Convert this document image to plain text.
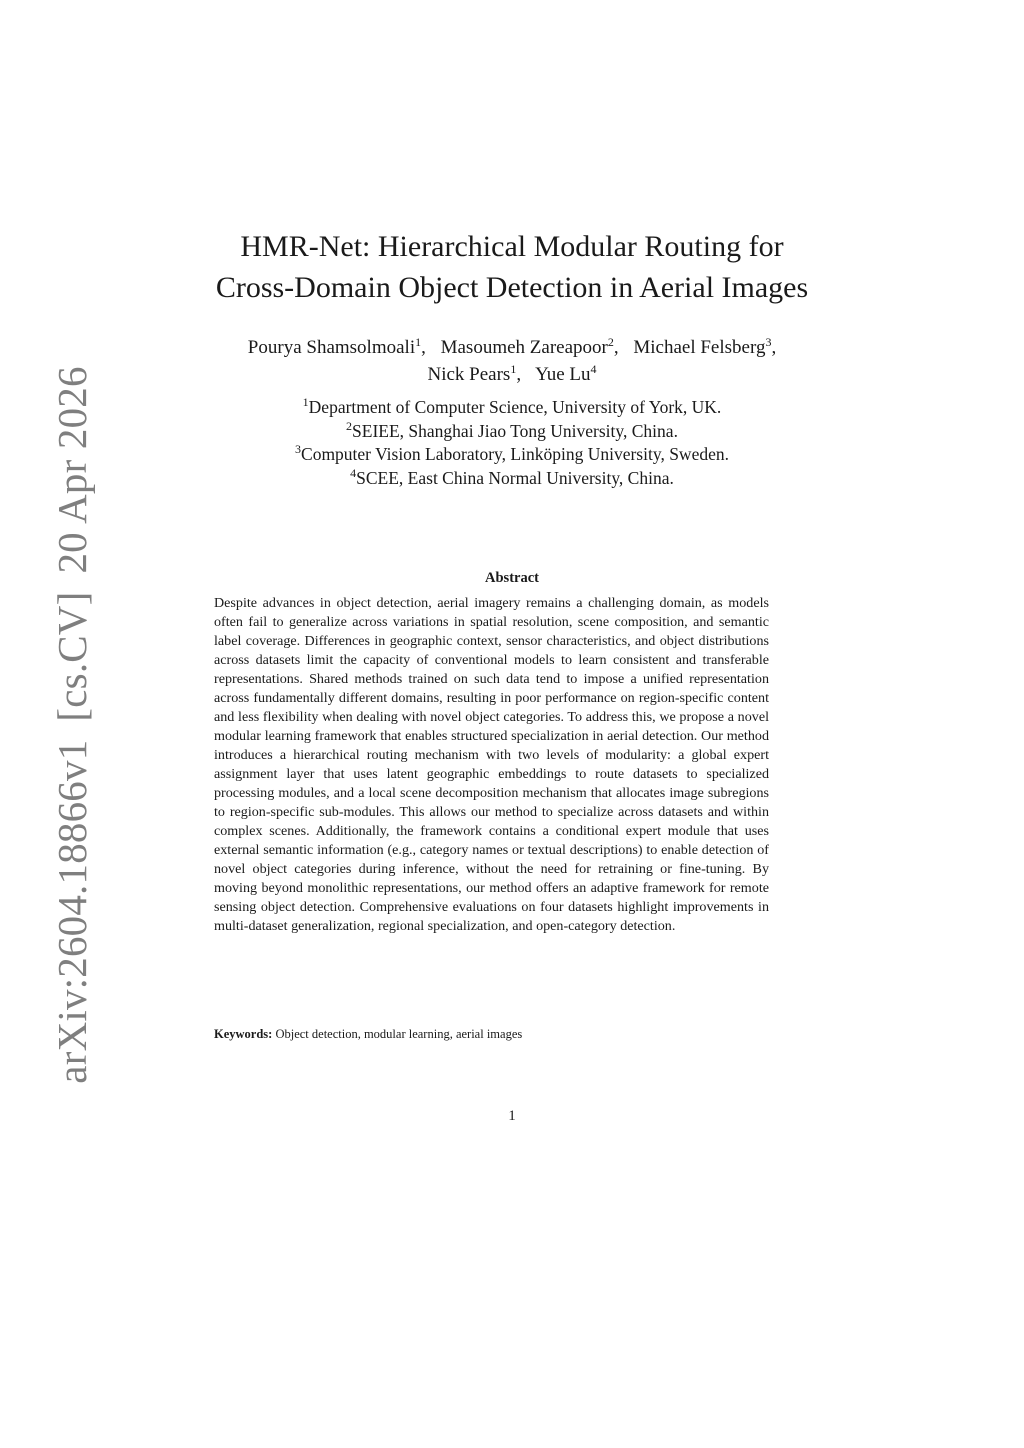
arXiv:2604.18866v1[cs.CV]20 Apr 2026
HMR-Net: Hierarchical Modular Routing for
Cross-Domain Object Detection in Aerial Images
Pourya Shamsolmoali$^1$, Masoumeh Zareapoor$^2$, Michael Felsberg$^3$,
Nick Pears$^1$, Yue Lu$^4$
$^1$Department of Computer Science, University of York, UK.
$^2$SEIEE, Shanghai Jiao Tong University, China.
$^3$Computer Vision Laboratory, Linköping University, Sweden.
$^4$SCEE, East China Normal University, China.
Abstract

Despite advances in object detection, aerial imagery remains a challenging domain, as models often fail to generalize across variations in spatial resolution, scene composition, and semantic label coverage. Differences in geographic context, sensor characteristics, and object distributions across datasets limit the capacity of conventional models to learn consistent and transferable representations. Shared methods trained on such data tend to impose a unified representation across fundamentally different domains, resulting in poor performance on region-specific content and less flexibility when dealing with novel object categories. To address this, we propose a novel modular learning framework that enables structured specialization in aerial detection. Our method introduces a hierarchical routing mechanism with two levels of modularity: a global expert assignment layer that uses latent geographic embeddings to route datasets to specialized processing modules, and a local scene decomposition mechanism that allocates image subregions to region-specific sub-modules. This allows our method to specialize across datasets and within complex scenes. Additionally, the framework contains a conditional expert module that uses external semantic information (e.g., category names or textual descriptions) to enable detection of novel object categories during inference, without the need for retraining or fine-tuning. By moving beyond monolithic representations, our method offers an adaptive framework for remote sensing object detection. Comprehensive evaluations on four datasets highlight improvements in multi-dataset generalization, regional specialization, and open-category detection.

Keywords: Object detection, modular learning, aerial images

1
